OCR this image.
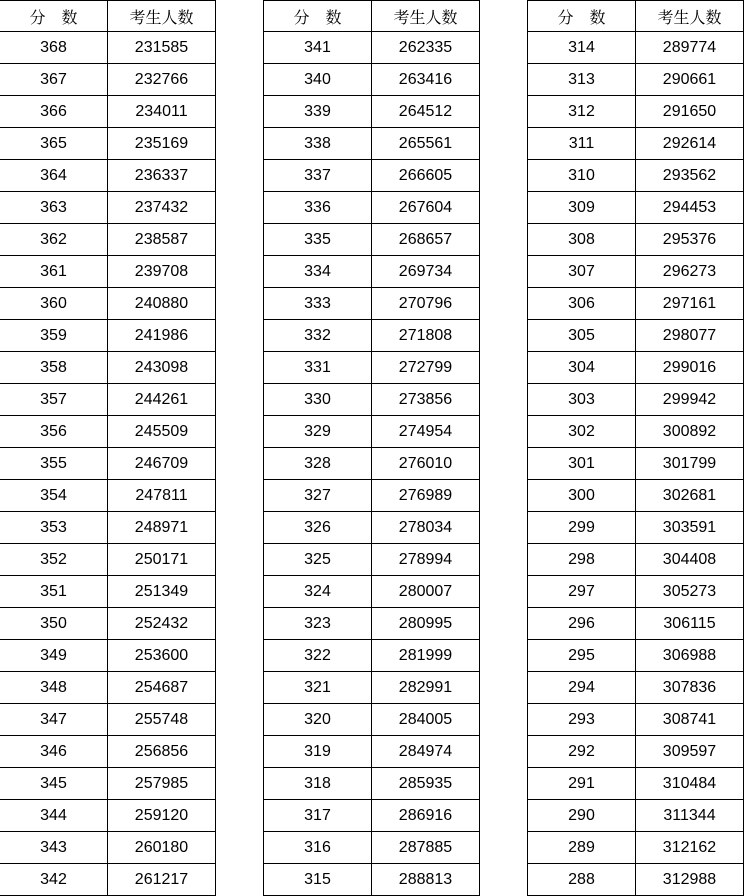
分　数	考生人数
368	231585
367	232766
366	234011
365	235169
364	236337
363	237432
362	238587
361	239708
360	240880
359	241986
358	243098
357	244261
356	245509
355	246709
354	247811
353	248971
352	250171
351	251349
350	252432
349	253600
348	254687
347	255748
346	256856
345	257985
344	259120
343	260180
342	261217
分　数	考生人数
341	262335
340	263416
339	264512
338	265561
337	266605
336	267604
335	268657
334	269734
333	270796
332	271808
331	272799
330	273856
329	274954
328	276010
327	276989
326	278034
325	278994
324	280007
323	280995
322	281999
321	282991
320	284005
319	284974
318	285935
317	286916
316	287885
315	288813
分　数	考生人数
314	289774
313	290661
312	291650
311	292614
310	293562
309	294453
308	295376
307	296273
306	297161
305	298077
304	299016
303	299942
302	300892
301	301799
300	302681
299	303591
298	304408
297	305273
296	306115
295	306988
294	307836
293	308741
292	309597
291	310484
290	311344
289	312162
288	312988
